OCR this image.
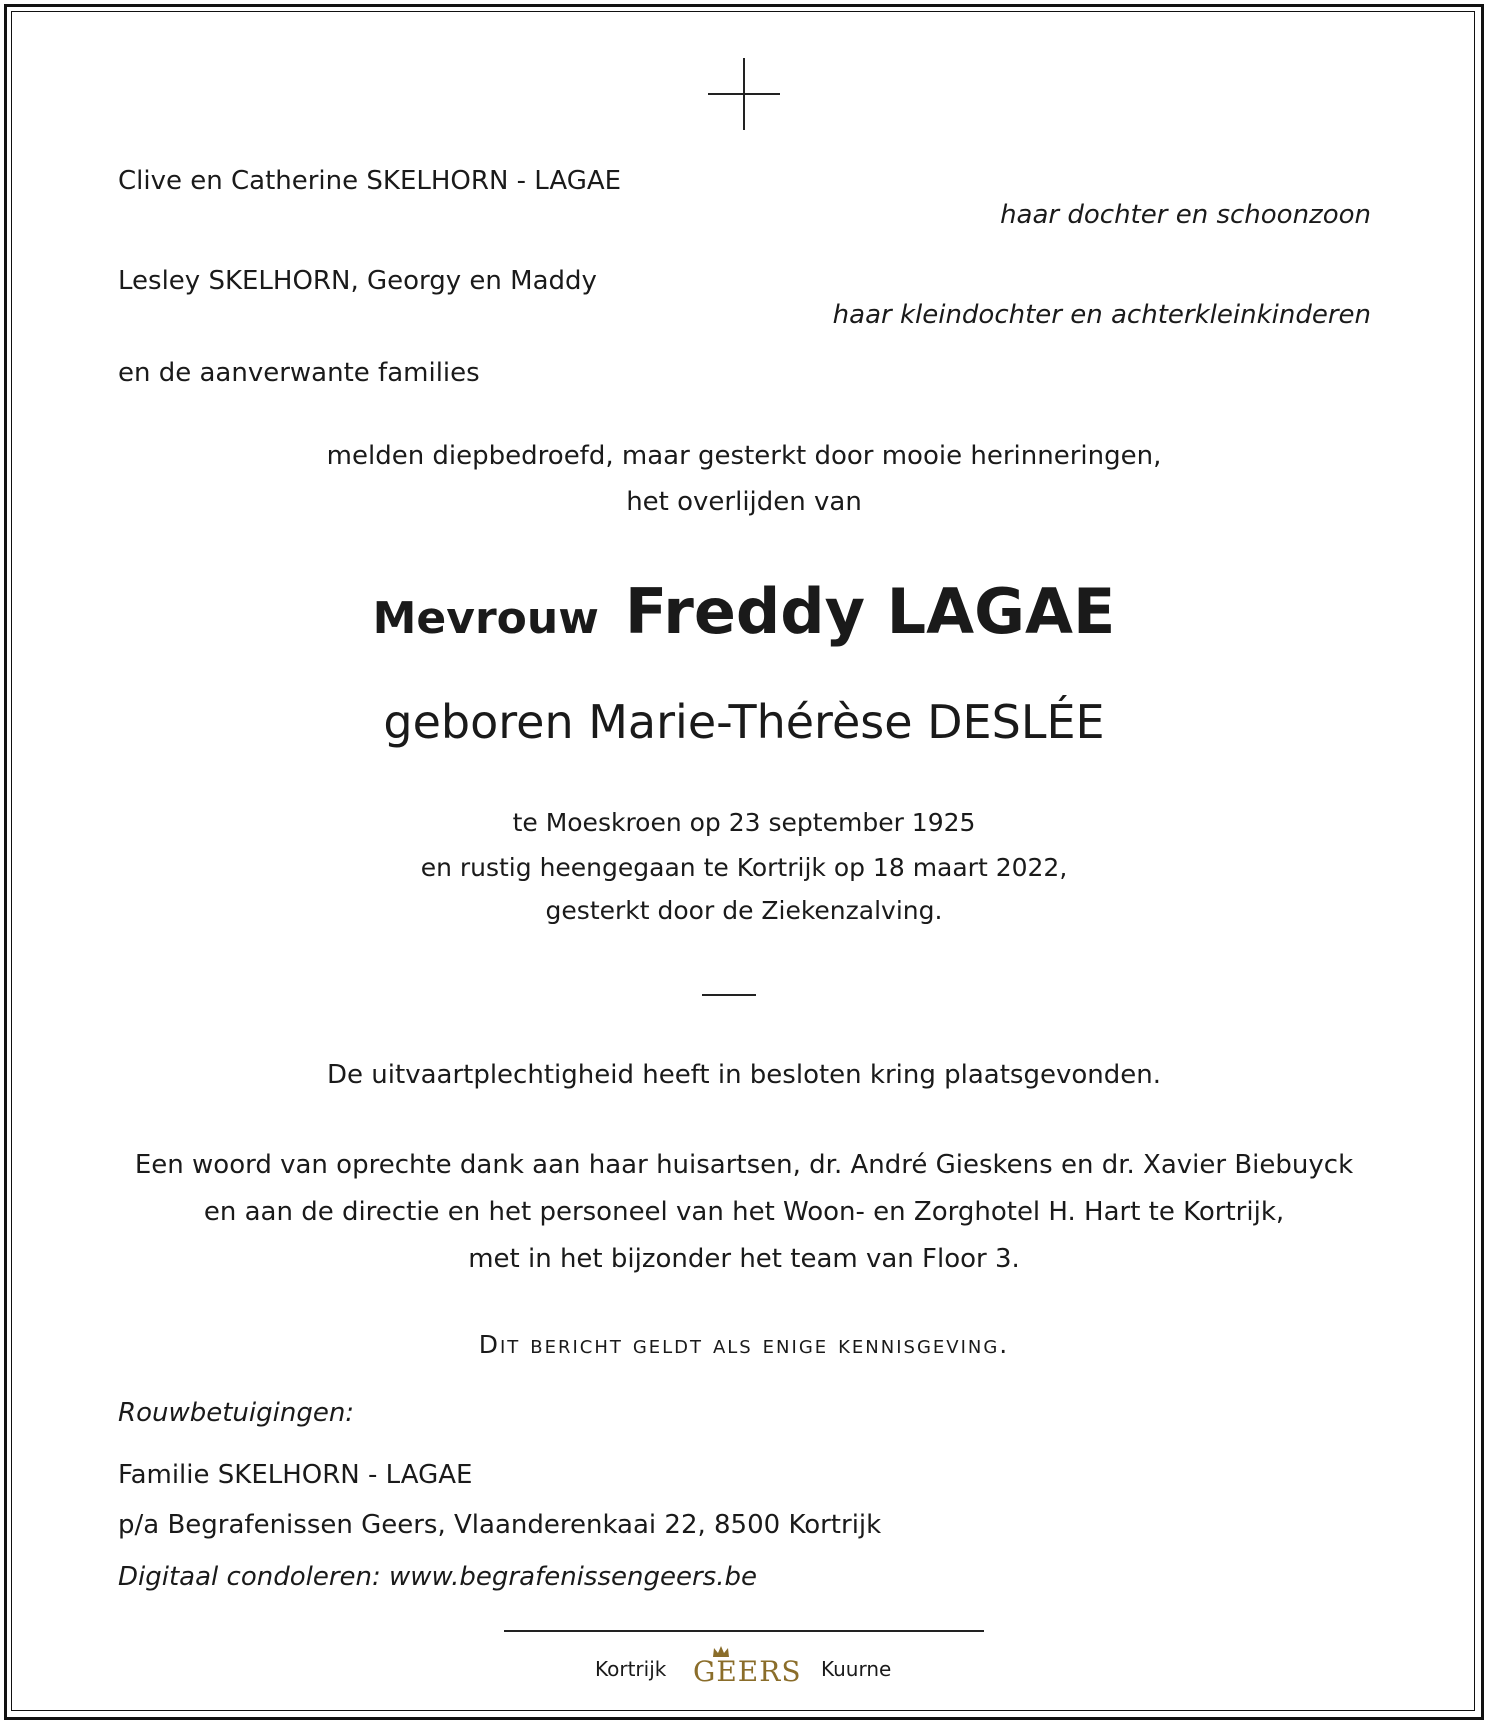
Clive en Catherine SKELHORN - LAGAE
haar dochter en schoonzoon
Lesley SKELHORN, Georgy en Maddy
haar kleindochter en achterkleinkinderen
en de aanverwante families
melden diepbedroefd, maar gesterkt door mooie herinneringen,
het overlijden van
Mevrouw Freddy LAGAE
geboren Marie-Thérèse DESLÉE
te Moeskroen op 23 september 1925
en rustig heengegaan te Kortrijk op 18 maart 2022,
gesterkt door de Ziekenzalving.
De uitvaartplechtigheid heeft in besloten kring plaatsgevonden.
Een woord van oprechte dank aan haar huisartsen, dr. André Gieskens en dr. Xavier Biebuyck
en aan de directie en het personeel van het Woon- en Zorghotel H. Hart te Kortrijk,
met in het bijzonder het team van Floor 3.
Dit bericht geldt als enige kennisgeving.
Rouwbetuigingen:
Familie SKELHORN - LAGAE
p/a Begrafenissen Geers, Vlaanderenkaai 22, 8500 Kortrijk
Digitaal condoleren: www.begrafenissengeers.be
Kortrijk GEERS Kuurne
